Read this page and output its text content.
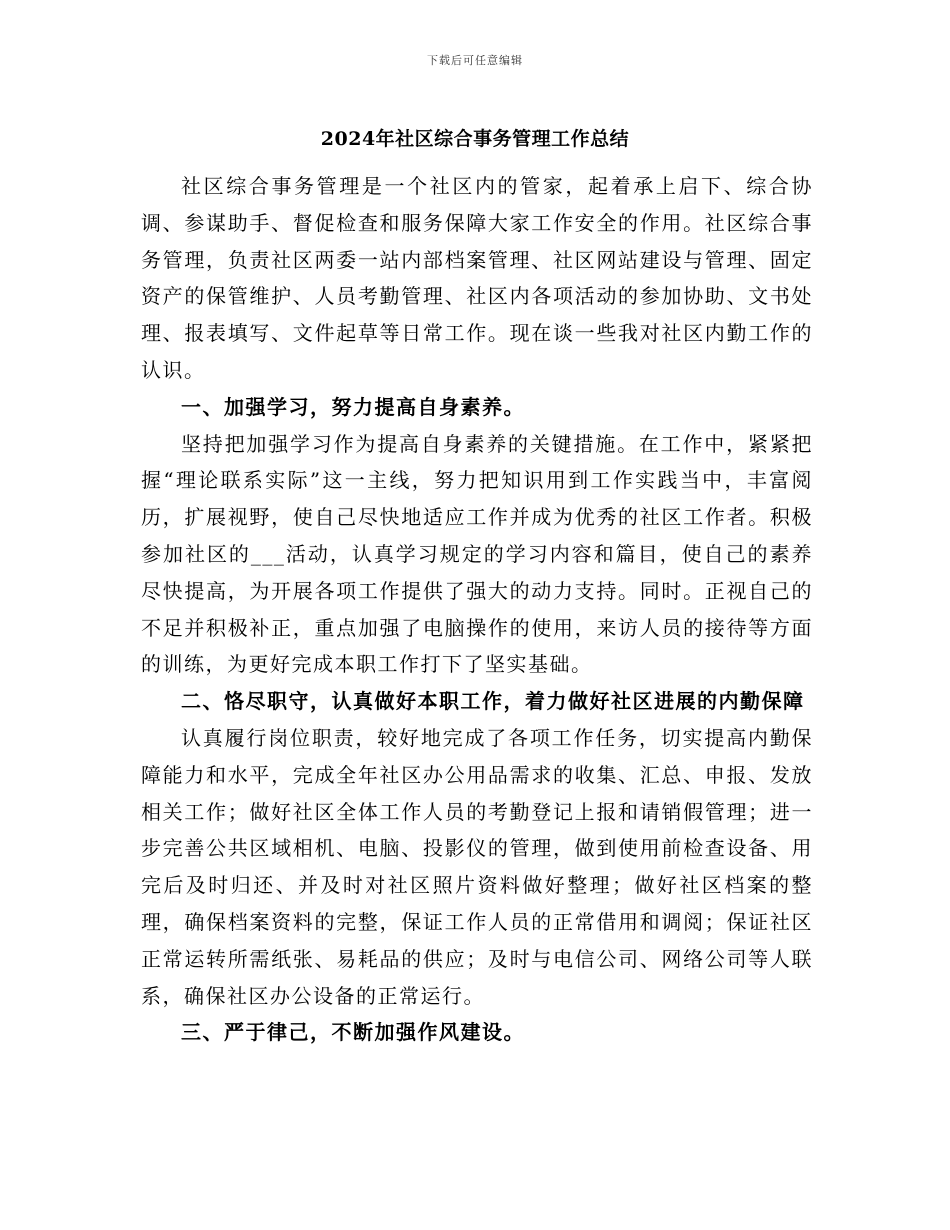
下载后可任意编辑
2024年社区综合事务管理工作总结

社区综合事务管理是一个社区内的管家，起着承上启下、综合协调、参谋助手、督促检查和服务保障大家工作安全的作用。社区综合事务管理，负责社区两委一站内部档案管理、社区网站建设与管理、固定资产的保管维护、人员考勤管理、社区内各项活动的参加协助、文书处理、报表填写、文件起草等日常工作。现在谈一些我对社区内勤工作的认识。

一、加强学习，努力提高自身素养。

坚持把加强学习作为提高自身素养的关键措施。在工作中，紧紧把握“理论联系实际”这一主线，努力把知识用到工作实践当中，丰富阅历，扩展视野，使自己尽快地适应工作并成为优秀的社区工作者。积极参加社区的___活动，认真学习规定的学习内容和篇目，使自己的素养尽快提高，为开展各项工作提供了强大的动力支持。同时。正视自己的不足并积极补正，重点加强了电脑操作的使用，来访人员的接待等方面的训练，为更好完成本职工作打下了坚实基础。

二、恪尽职守，认真做好本职工作，着力做好社区进展的内勤保障

认真履行岗位职责，较好地完成了各项工作任务，切实提高内勤保障能力和水平，完成全年社区办公用品需求的收集、汇总、申报、发放相关工作；做好社区全体工作人员的考勤登记上报和请销假管理；进一步完善公共区域相机、电脑、投影仪的管理，做到使用前检查设备、用完后及时归还、并及时对社区照片资料做好整理；做好社区档案的整理，确保档案资料的完整，保证工作人员的正常借用和调阅；保证社区正常运转所需纸张、易耗品的供应；及时与电信公司、网络公司等人联系，确保社区办公设备的正常运行。

三、严于律己，不断加强作风建设。
